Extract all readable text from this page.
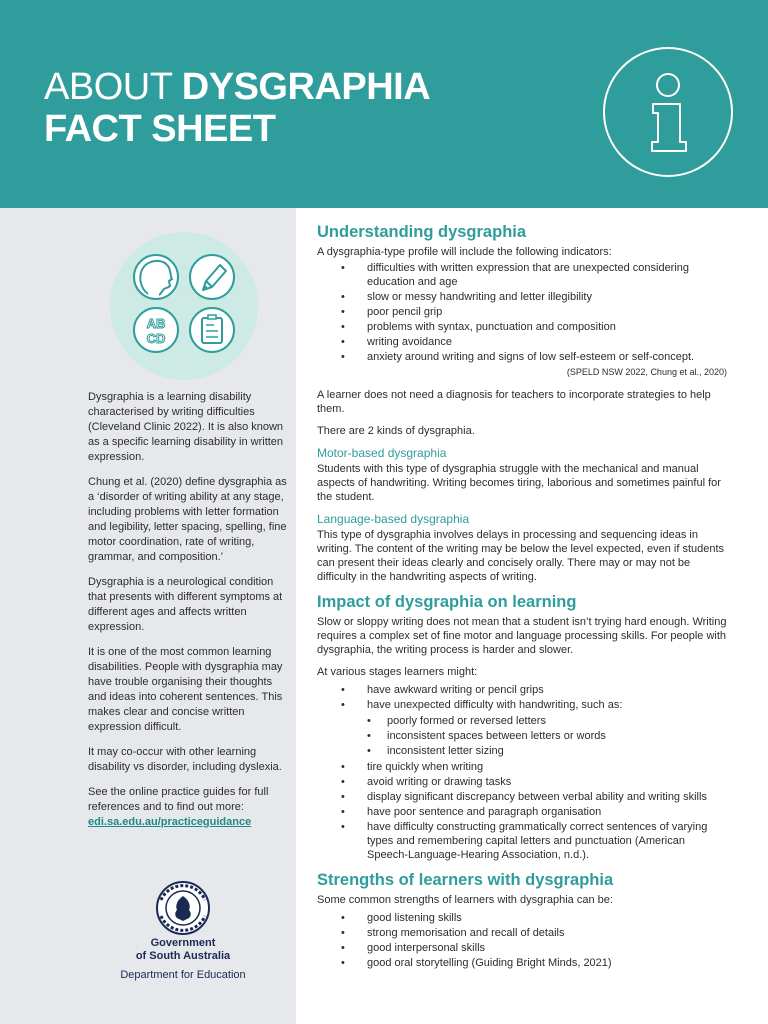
ABOUT DYSGRAPHIA
FACT SHEET
AB
CD

Dysgraphia is a learning disability characterised by writing difficulties (Cleveland Clinic 2022). It is also known as a specific learning disability in written expression.

Chung et al. (2020) define dysgraphia as a ‘disorder of writing ability at any stage, including problems with letter formation and legibility, letter spacing, spelling, fine motor coordination, rate of writing, grammar, and composition.’

Dysgraphia is a neurological condition that presents with different symptoms at different ages and affects written expression.

It is one of the most common learning disabilities. People with dysgraphia may have trouble organising their thoughts and ideas into coherent sentences. This makes clear and concise written expression difficult.

It may co-occur with other learning disability vs disorder, including dyslexia.

See the online practice guides for full references and to find out more: edi.sa.edu.au/practiceguidance
Government
of South Australia
Department for Education
Understanding dysgraphia

A dysgraphia-type profile will include the following indicators:

• difficulties with written expression that are unexpected considering education and age
• slow or messy handwriting and letter illegibility
• poor pencil grip
• problems with syntax, punctuation and composition
• writing avoidance
• anxiety around writing and signs of low self-esteem or self-concept.
(SPELD NSW 2022, Chung et al., 2020)

A learner does not need a diagnosis for teachers to incorporate strategies to help them.

There are 2 kinds of dysgraphia.

Motor-based dysgraphia

Students with this type of dysgraphia struggle with the mechanical and manual aspects of handwriting. Writing becomes tiring, laborious and sometimes painful for the student.

Language-based dysgraphia

This type of dysgraphia involves delays in processing and sequencing ideas in writing. The content of the writing may be below the level expected, even if students can present their ideas clearly and concisely orally. There may or may not be difficulty in the handwriting aspects of writing.

Impact of dysgraphia on learning

Slow or sloppy writing does not mean that a student isn’t trying hard enough. Writing requires a complex set of fine motor and language processing skills. For people with dysgraphia, the writing process is harder and slower.

At various stages learners might:

• have awkward writing or pencil grips
• have unexpected difficulty with handwriting, such as:
• poorly formed or reversed letters
• inconsistent spaces between letters or words
• inconsistent letter sizing
• tire quickly when writing
• avoid writing or drawing tasks
• display significant discrepancy between verbal ability and writing skills
• have poor sentence and paragraph organisation
• have difficulty constructing grammatically correct sentences of varying types and remembering capital letters and punctuation (American Speech-Language-Hearing Association, n.d.).
Strengths of learners with dysgraphia

Some common strengths of learners with dysgraphia can be:

• good listening skills
• strong memorisation and recall of details
• good interpersonal skills
• good oral storytelling (Guiding Bright Minds, 2021)
